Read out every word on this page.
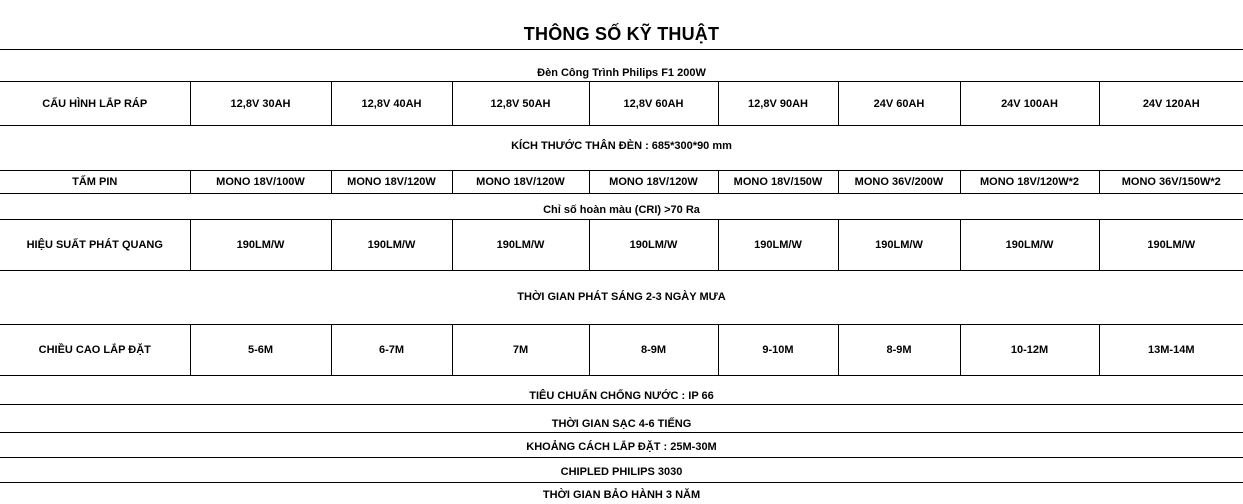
THÔNG SỐ KỸ THUẬT
Đèn Công Trình Philips F1 200W
CẤU HÌNH LẮP RÁP	12,8V 30AH	12,8V 40AH	12,8V 50AH	12,8V 60AH	12,8V 90AH	24V 60AH	24V 100AH	24V 120AH
KÍCH THƯỚC THÂN ĐÈN : 685*300*90 mm
TẤM PIN	MONO 18V/100W	MONO 18V/120W	MONO 18V/120W	MONO 18V/120W	MONO 18V/150W	MONO 36V/200W	MONO 18V/120W*2	MONO 36V/150W*2
Chỉ số hoàn màu (CRI) >70 Ra
HIỆU SUẤT PHÁT QUANG	190LM/W	190LM/W	190LM/W	190LM/W	190LM/W	190LM/W	190LM/W	190LM/W
THỜI GIAN PHÁT SÁNG 2-3 NGÀY MƯA
CHIỀU CAO LẮP ĐẶT	5-6M	6-7M	7M	8-9M	9-10M	8-9M	10-12M	13M-14M
TIÊU CHUẨN CHỐNG NƯỚC : IP 66
THỜI GIAN SẠC 4-6 TIẾNG
KHOẢNG CÁCH LẮP ĐẶT : 25M-30M
CHIPLED PHILIPS 3030
THỜI GIAN BẢO HÀNH 3 NĂM
